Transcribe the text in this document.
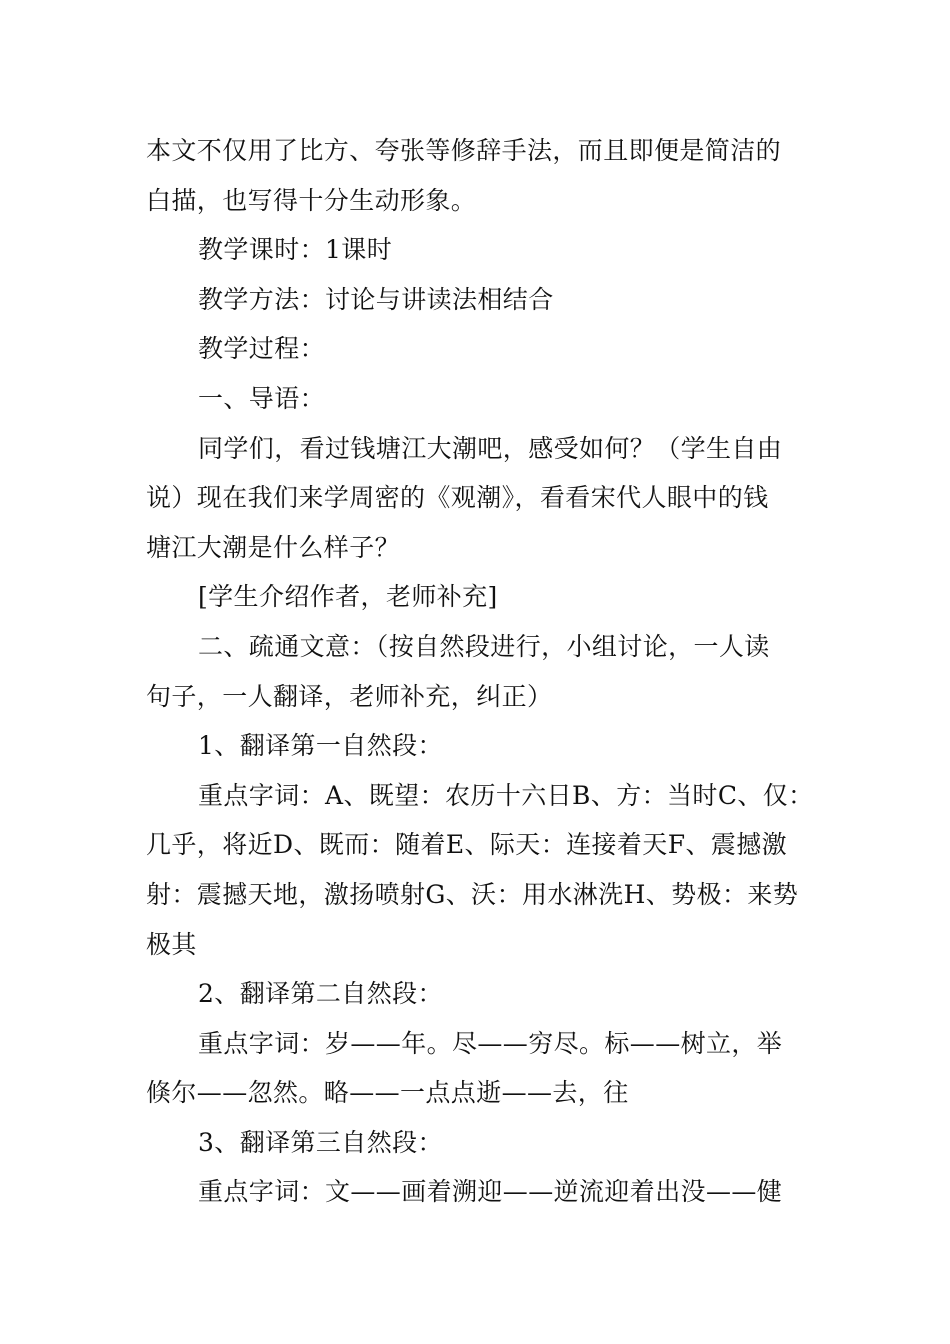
本文不仅用了比方、夸张等修辞手法，而且即便是简洁的
白描，也写得十分生动形象。
教学课时：1课时
教学方法：讨论与讲读法相结合
教学过程：
一、导语：
同学们，看过钱塘江大潮吧，感受如何？（学生自由
说）现在我们来学周密的《观潮》，看看宋代人眼中的钱
塘江大潮是什么样子？
[学生介绍作者，老师补充]
二、疏通文意：（按自然段进行，小组讨论，一人读
句子，一人翻译，老师补充，纠正）
1、翻译第一自然段：
重点字词：A、既望：农历十六日B、方：当时C、仅：
几乎，将近D、既而：随着E、际天：连接着天F、震撼激
射：震撼天地，激扬喷射G、沃：用水淋洗H、势极：来势
极其
2、翻译第二自然段：
重点字词：岁——年。尽——穷尽。标——树立，举
倏尔——忽然。略——一点点逝——去，往
3、翻译第三自然段：
重点字词：文——画着溯迎——逆流迎着出没——健
